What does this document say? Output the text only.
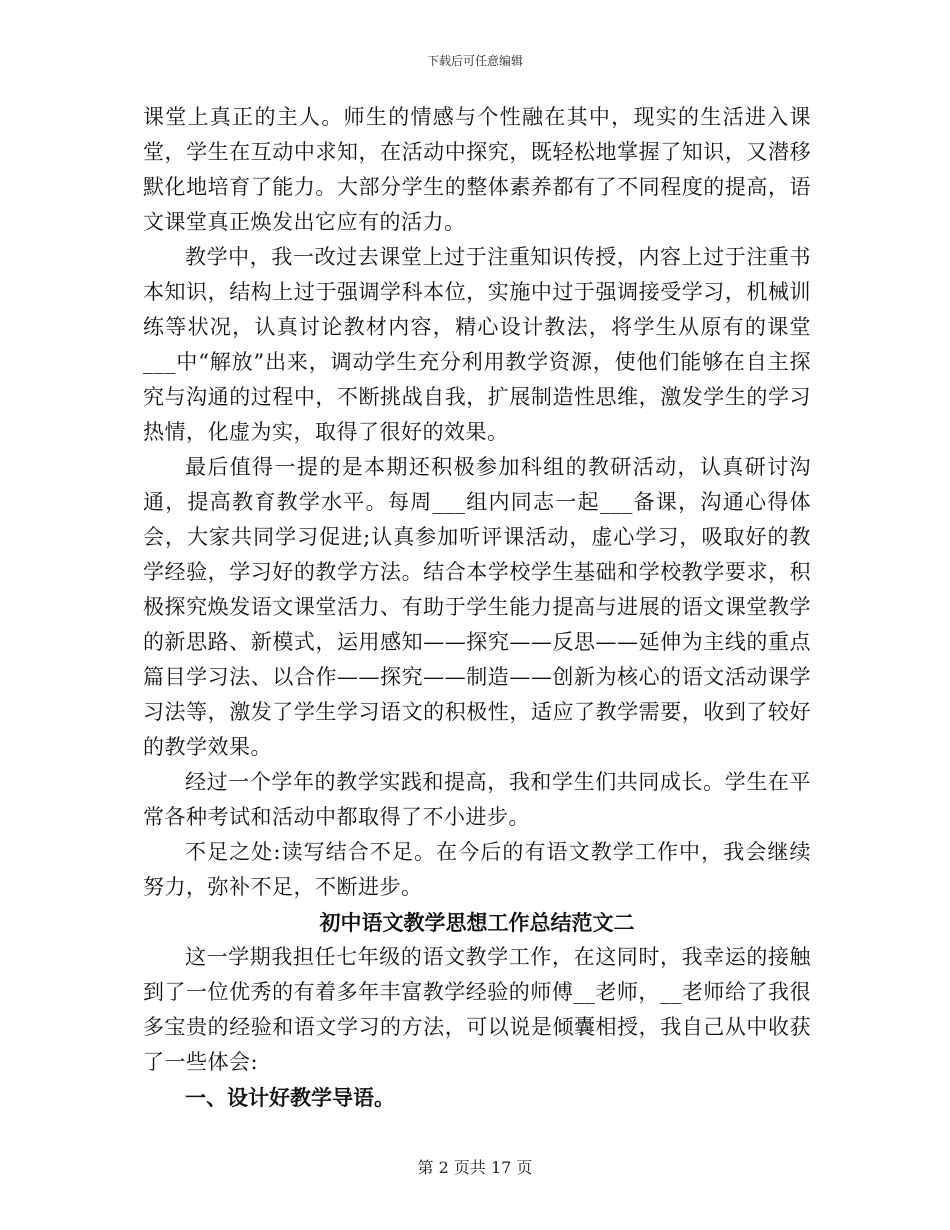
下载后可任意编辑

课堂上真正的主人。师生的情感与个性融在其中，现实的生活进入课堂，学生在互动中求知，在活动中探究，既轻松地掌握了知识，又潜移默化地培育了能力。大部分学生的整体素养都有了不同程度的提高，语文课堂真正焕发出它应有的活力。

教学中，我一改过去课堂上过于注重知识传授，内容上过于注重书本知识，结构上过于强调学科本位，实施中过于强调接受学习，机械训练等状况，认真讨论教材内容，精心设计教法，将学生从原有的课堂___中“解放”出来，调动学生充分利用教学资源，使他们能够在自主探究与沟通的过程中，不断挑战自我，扩展制造性思维，激发学生的学习热情，化虚为实，取得了很好的效果。

最后值得一提的是本期还积极参加科组的教研活动，认真研讨沟通，提高教育教学水平。每周___组内同志一起___备课，沟通心得体会，大家共同学习促进;认真参加听评课活动，虚心学习，吸取好的教学经验，学习好的教学方法。结合本学校学生基础和学校教学要求，积极探究焕发语文课堂活力、有助于学生能力提高与进展的语文课堂教学的新思路、新模式，运用感知——探究——反思——延伸为主线的重点篇目学习法、以合作——探究——制造——创新为核心的语文活动课学习法等，激发了学生学习语文的积极性，适应了教学需要，收到了较好的教学效果。

经过一个学年的教学实践和提高，我和学生们共同成长。学生在平常各种考试和活动中都取得了不小进步。

不足之处:读写结合不足。在今后的有语文教学工作中，我会继续努力，弥补不足，不断进步。

初中语文教学思想工作总结范文二

这一学期我担任七年级的语文教学工作，在这同时，我幸运的接触到了一位优秀的有着多年丰富教学经验的师傅__老师，__老师给了我很多宝贵的经验和语文学习的方法，可以说是倾囊相授，我自己从中收获了一些体会:

一、设计好教学导语。

第 2 页共 17 页
